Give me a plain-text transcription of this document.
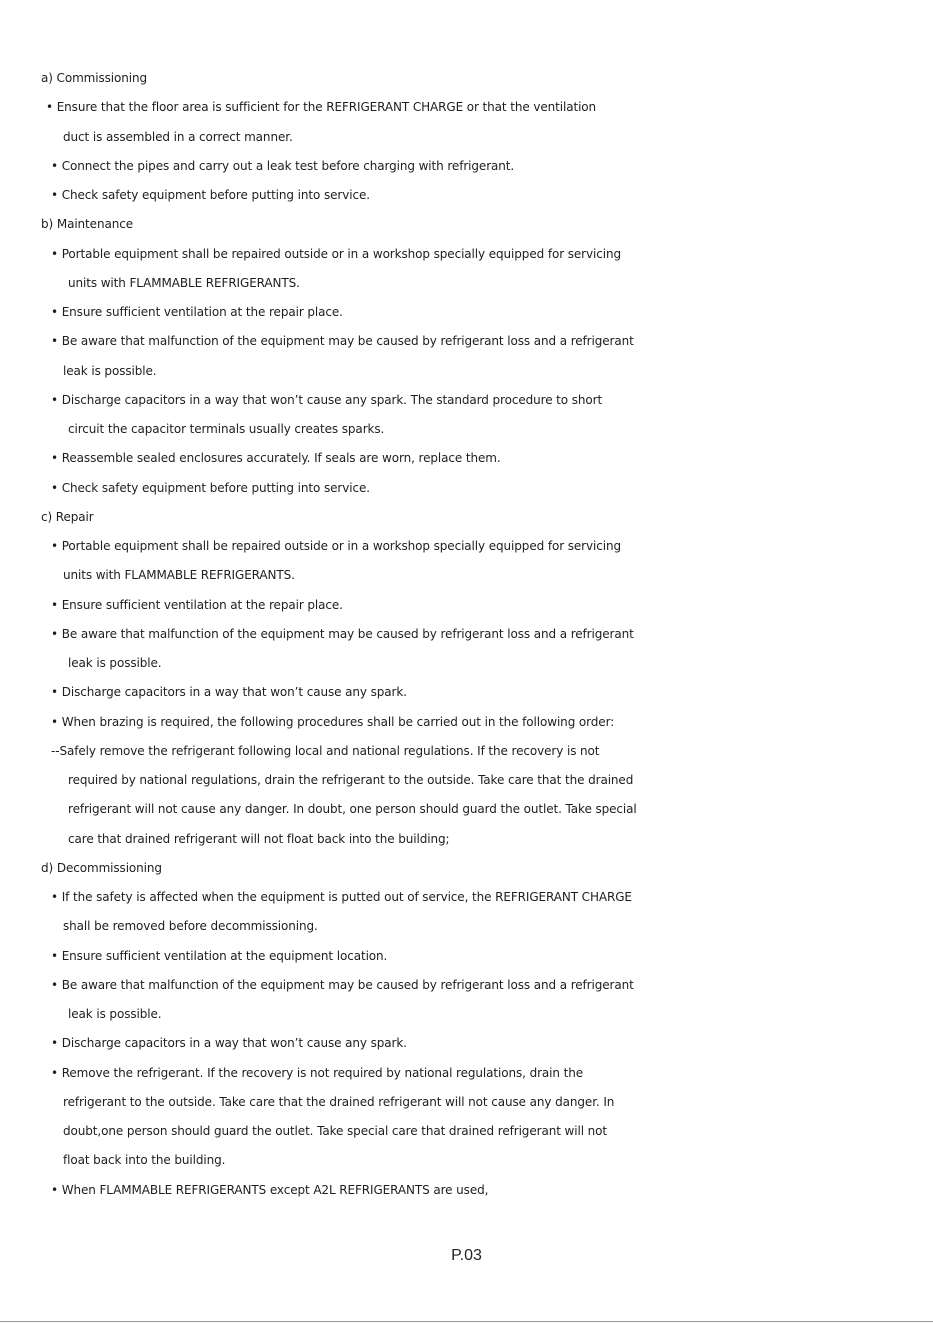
a) Commissioning
• Ensure that the floor area is sufficient for the REFRIGERANT CHARGE or that the ventilation
duct is assembled in a correct manner.
• Connect the pipes and carry out a leak test before charging with refrigerant.
• Check safety equipment before putting into service.
b) Maintenance
• Portable equipment shall be repaired outside or in a workshop specially equipped for servicing
units with FLAMMABLE REFRIGERANTS.
• Ensure sufficient ventilation at the repair place.
• Be aware that malfunction of the equipment may be caused by refrigerant loss and a refrigerant
leak is possible.
• Discharge capacitors in a way that won’t cause any spark. The standard procedure to short
circuit the capacitor terminals usually creates sparks.
• Reassemble sealed enclosures accurately. If seals are worn, replace them.
• Check safety equipment before putting into service.
c) Repair
• Portable equipment shall be repaired outside or in a workshop specially equipped for servicing
units with FLAMMABLE REFRIGERANTS.
• Ensure sufficient ventilation at the repair place.
• Be aware that malfunction of the equipment may be caused by refrigerant loss and a refrigerant
leak is possible.
• Discharge capacitors in a way that won’t cause any spark.
• When brazing is required, the following procedures shall be carried out in the following order:
--Safely remove the refrigerant following local and national regulations. If the recovery is not
required by national regulations, drain the refrigerant to the outside. Take care that the drained
refrigerant will not cause any danger. In doubt, one person should guard the outlet. Take special
care that drained refrigerant will not float back into the building;
d) Decommissioning
• If the safety is affected when the equipment is putted out of service, the REFRIGERANT CHARGE
shall be removed before decommissioning.
• Ensure sufficient ventilation at the equipment location.
• Be aware that malfunction of the equipment may be caused by refrigerant loss and a refrigerant
leak is possible.
• Discharge capacitors in a way that won’t cause any spark.
• Remove the refrigerant. If the recovery is not required by national regulations, drain the
refrigerant to the outside. Take care that the drained refrigerant will not cause any danger. In
doubt,one person should guard the outlet. Take special care that drained refrigerant will not
float back into the building.
• When FLAMMABLE REFRIGERANTS except A2L REFRIGERANTS are used,
P.03
